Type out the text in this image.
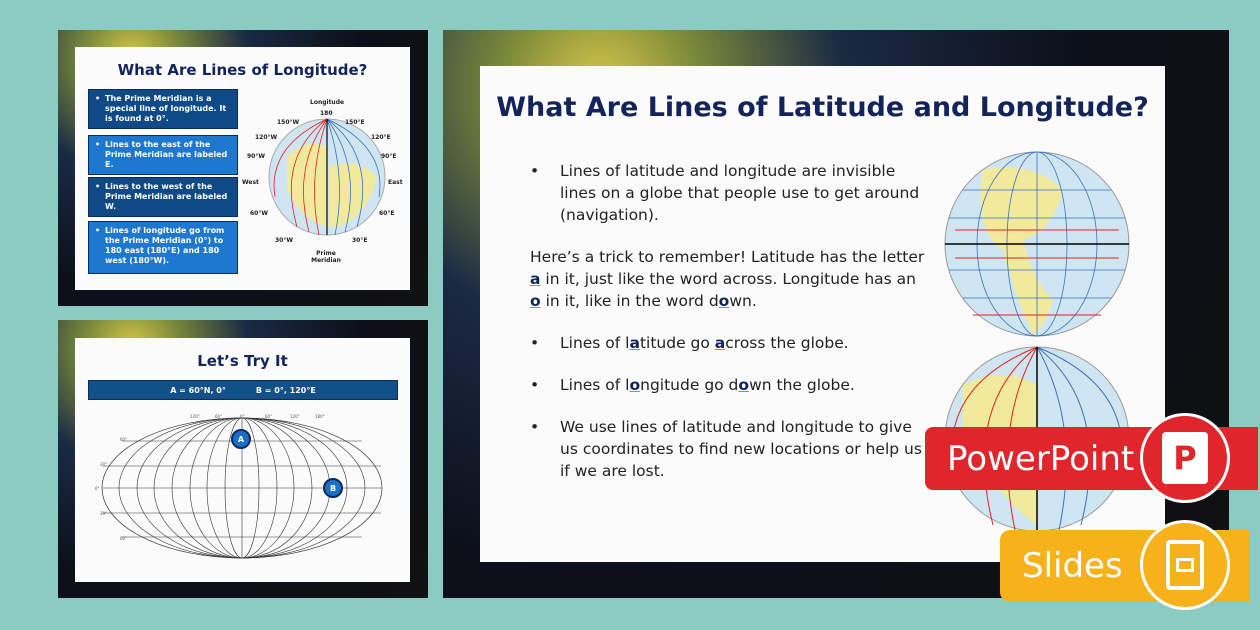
What Are Lines of Longitude?
• The Prime Meridian is a special line of longitude. It is found at 0°.
• Lines to the east of the Prime Meridian are labeled E.
• Lines to the west of the Prime Meridian are labeled W.
• Lines of longitude go from the Prime Meridian (0°) to 180 east (180°E) and 180 west (180°W).
Longitude
180
150°W	150°E
120°W	120°E
90°W	90°E
West	East
60°W	60°E
30°W	30°E
Prime Meridian
Let’s Try It
A = 60°N, 0°	B = 0°, 120°E
120°	60°	0°	60°	120°	180°
60°
30°
0°
30°
60°
A
B
What Are Lines of Latitude and Longitude?

• Lines of latitude and longitude are invisible lines on a globe that people use to get around (navigation).

Here’s a trick to remember! Latitude has the letter a in it, just like the word across. Longitude has an o in it, like in the word down.

• Lines of latitude go across the globe.

• Lines of longitude go down the globe.

• We use lines of latitude and longitude to give us coordinates to find new locations or help us if we are lost.	PowerPoint	P
Slides
